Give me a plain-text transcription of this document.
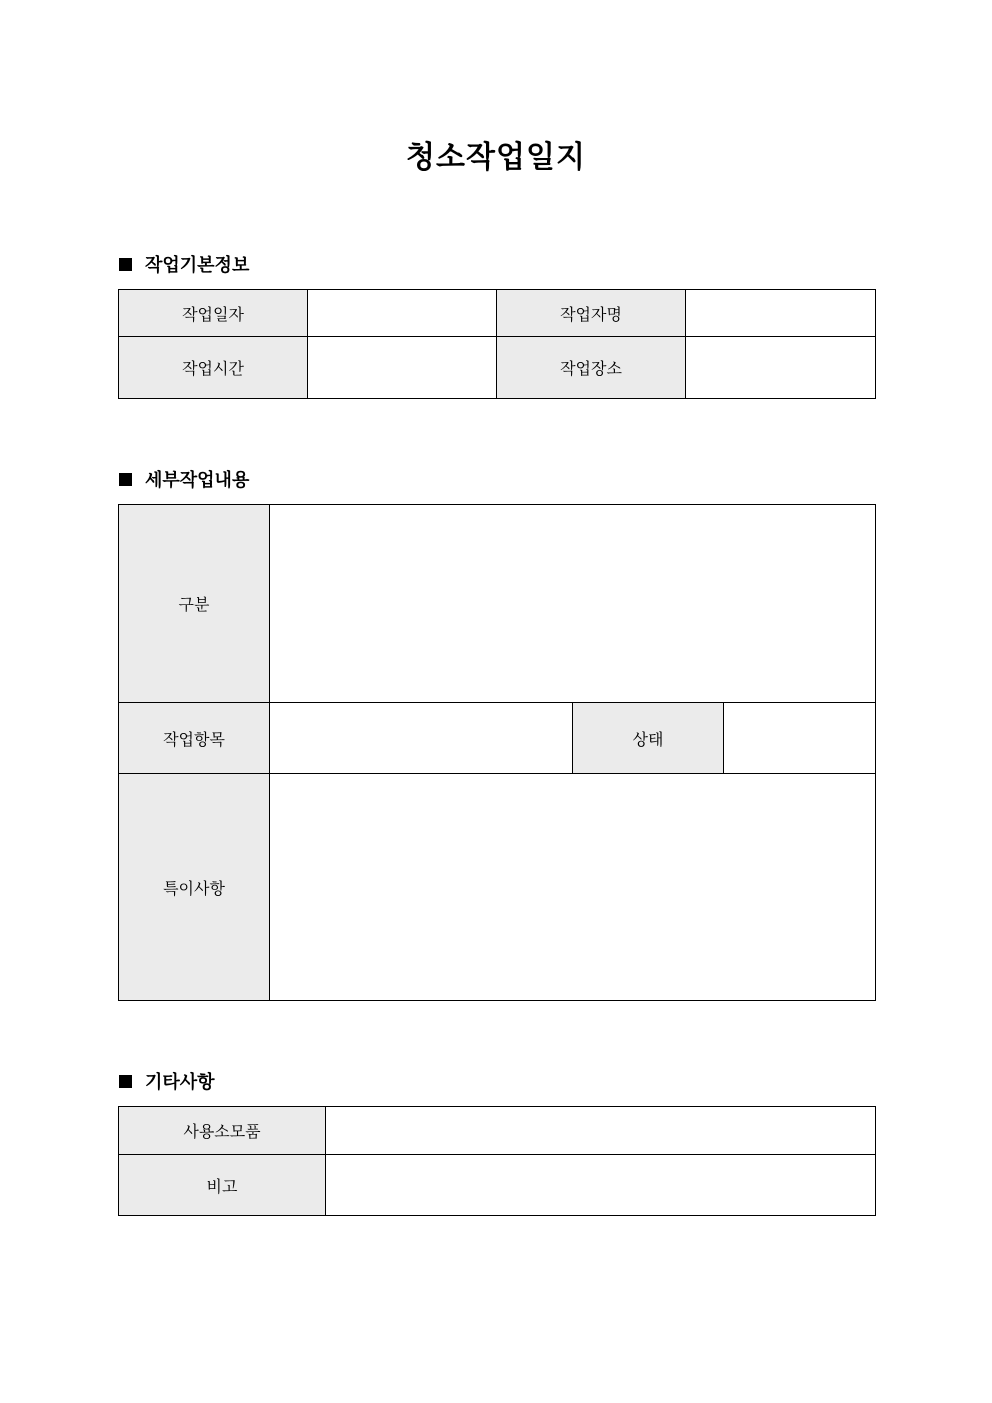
청소작업일지
작업기본정보
작업일자		작업자명	
작업시간		작업장소	
세부작업내용
구분			
작업항목		상태	
특이사항			
기타사항
사용소모품	
비고	
